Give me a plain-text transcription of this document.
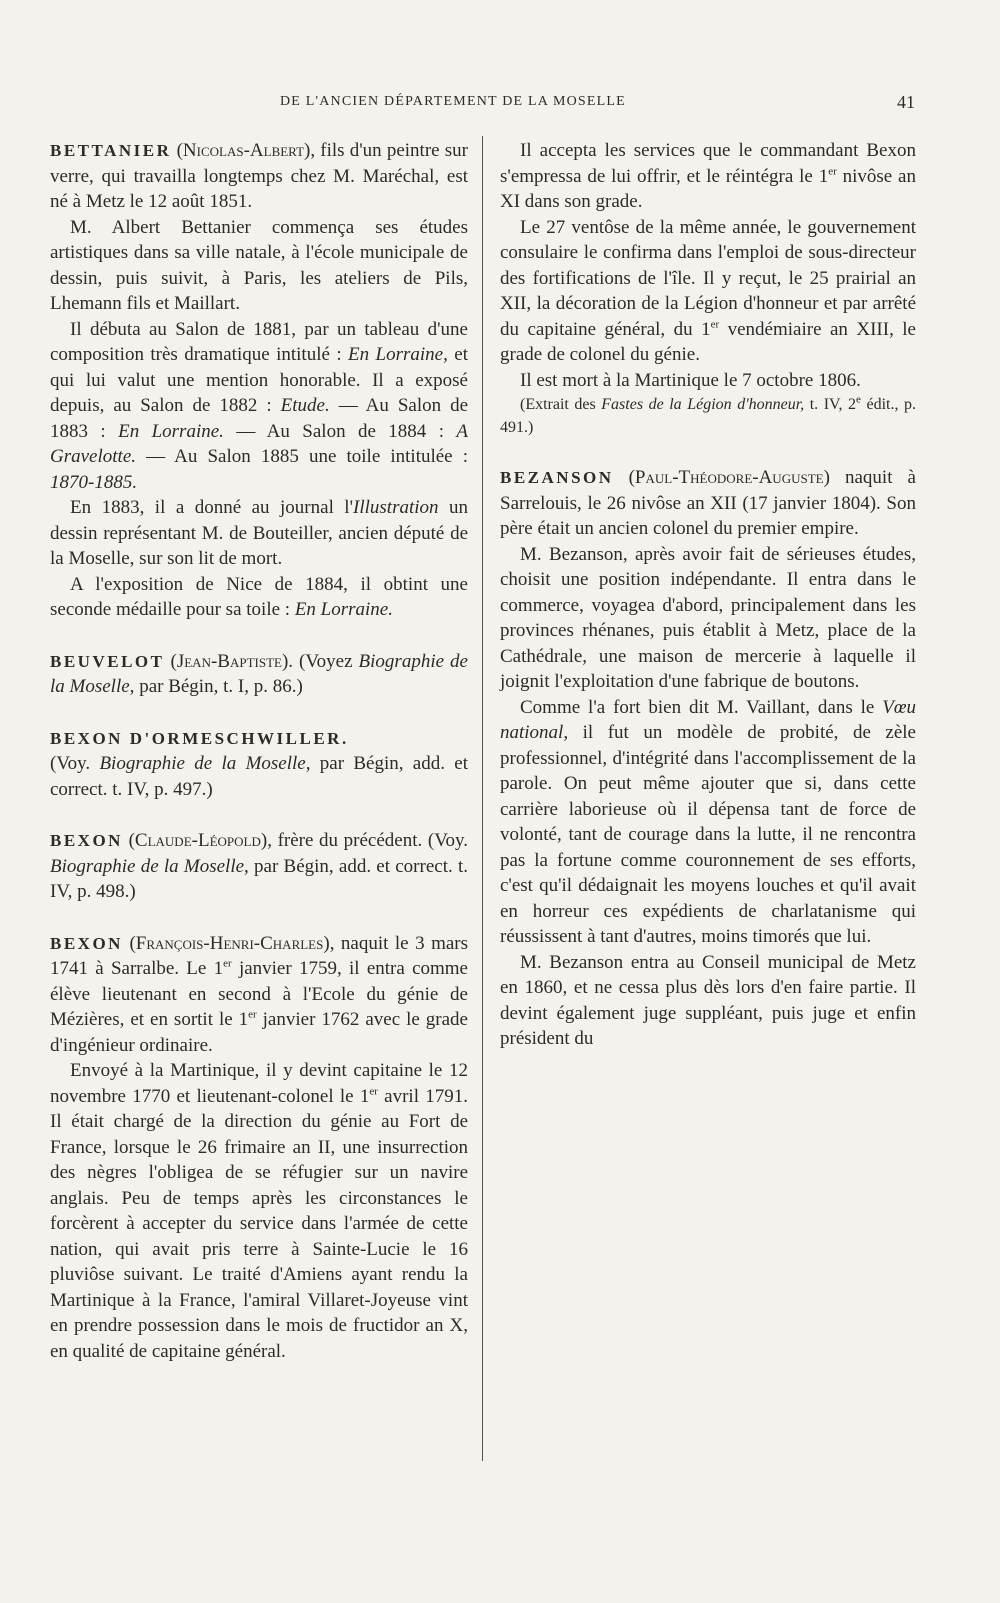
DE L'ANCIEN DÉPARTEMENT DE LA MOSELLE	41

BETTANIER (Nicolas-Albert), fils d'un peintre sur verre, qui travailla longtemps chez M. Maréchal, est né à Metz le 12 août 1851.

M. Albert Bettanier commença ses études artistiques dans sa ville natale, à l'école municipale de dessin, puis suivit, à Paris, les ateliers de Pils, Lhemann fils et Maillart.

Il débuta au Salon de 1881, par un tableau d'une composition très dramatique intitulé : En Lorraine, et qui lui valut une mention honorable. Il a exposé depuis, au Salon de 1882 : Etude. — Au Salon de 1883 : En Lorraine. — Au Salon de 1884 : A Gravelotte. — Au Salon 1885 une toile intitulée : 1870-1885.

En 1883, il a donné au journal l'Illustration un dessin représentant M. de Bouteiller, ancien député de la Moselle, sur son lit de mort.

A l'exposition de Nice de 1884, il obtint une seconde médaille pour sa toile : En Lorraine.

BEUVELOT (Jean-Baptiste). (Voyez Biographie de la Moselle, par Bégin, t. I, p. 86.)

BEXON D'ORMESCHWILLER.
(Voy. Biographie de la Moselle, par Bégin, add. et correct. t. IV, p. 497.)

BEXON (Claude-Léopold), frère du précédent. (Voy. Biographie de la Moselle, par Bégin, add. et correct. t. IV, p. 498.)

BEXON (François-Henri-Charles), naquit le 3 mars 1741 à Sarralbe. Le 1er janvier 1759, il entra comme élève lieutenant en second à l'Ecole du génie de Mézières, et en sortit le 1er janvier 1762 avec le grade d'ingénieur ordinaire.

Envoyé à la Martinique, il y devint capitaine le 12 novembre 1770 et lieutenant-colonel le 1er avril 1791. Il était chargé de la direction du génie au Fort de France, lorsque le 26 frimaire an II, une insurrection des nègres l'obligea de se réfugier sur un navire anglais. Peu de temps après les circonstances le forcèrent à accepter du service dans l'armée de cette nation, qui avait pris terre à Sainte-Lucie le 16 pluviôse suivant. Le traité d'Amiens ayant rendu la Martinique à la France, l'amiral Villaret-Joyeuse vint en prendre possession dans le mois de fructidor an X, en qualité de capitaine général.

Il accepta les services que le commandant Bexon s'empressa de lui offrir, et le réintégra le 1er nivôse an XI dans son grade.

Le 27 ventôse de la même année, le gouvernement consulaire le confirma dans l'emploi de sous-directeur des fortifications de l'île. Il y reçut, le 25 prairial an XII, la décoration de la Légion d'honneur et par arrêté du capitaine général, du 1er vendémiaire an XIII, le grade de colonel du génie.

Il est mort à la Martinique le 7 octobre 1806.

(Extrait des Fastes de la Légion d'honneur, t. IV, 2e édit., p. 491.)

BEZANSON (Paul-Théodore-Auguste) naquit à Sarrelouis, le 26 nivôse an XII (17 janvier 1804). Son père était un ancien colonel du premier empire.

M. Bezanson, après avoir fait de sérieuses études, choisit une position indépendante. Il entra dans le commerce, voyagea d'abord, principalement dans les provinces rhénanes, puis établit à Metz, place de la Cathédrale, une maison de mercerie à laquelle il joignit l'exploitation d'une fabrique de boutons.

Comme l'a fort bien dit M. Vaillant, dans le Vœu national, il fut un modèle de probité, de zèle professionnel, d'intégrité dans l'accomplissement de la parole. On peut même ajouter que si, dans cette carrière laborieuse où il dépensa tant de force de volonté, tant de courage dans la lutte, il ne rencontra pas la fortune comme couronnement de ses efforts, c'est qu'il dédaignait les moyens louches et qu'il avait en horreur ces expédients de charlatanisme qui réussissent à tant d'autres, moins timorés que lui.

M. Bezanson entra au Conseil municipal de Metz en 1860, et ne cessa plus dès lors d'en faire partie. Il devint également juge suppléant, puis juge et enfin président du
